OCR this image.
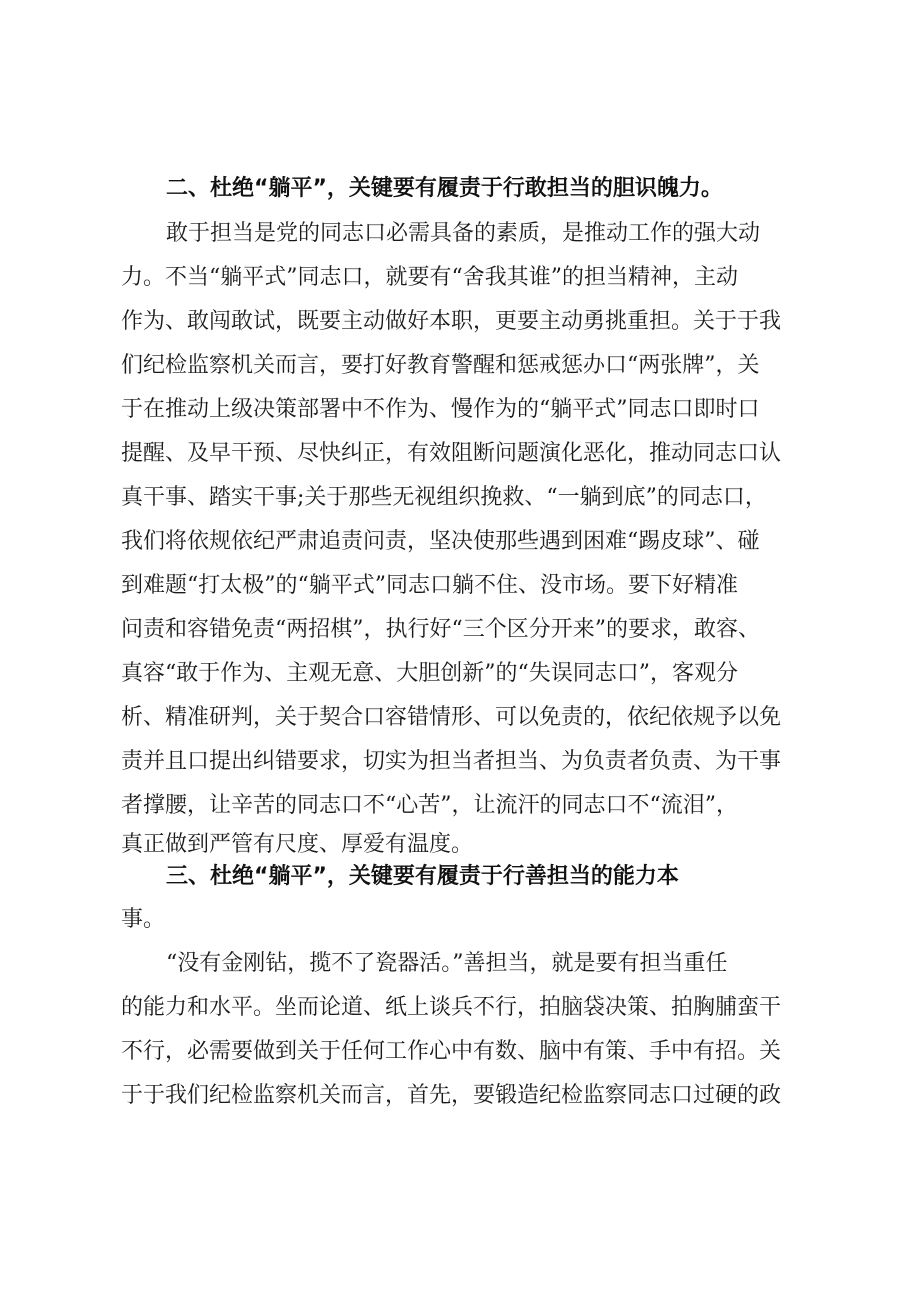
二、杜绝“躺平”，关键要有履责于行敢担当的胆识魄力。
敢于担当是党的同志口必需具备的素质，是推动工作的强大动
力。不当“躺平式”同志口，就要有“舍我其谁”的担当精神，主动
作为、敢闯敢试，既要主动做好本职，更要主动勇挑重担。关于于我
们纪检监察机关而言，要打好教育警醒和惩戒惩办口“两张牌”，关
于在推动上级决策部署中不作为、慢作为的“躺平式”同志口即时口
提醒、及早干预、尽快纠正，有效阻断问题演化恶化，推动同志口认
真干事、踏实干事;关于那些无视组织挽救、“一躺到底”的同志口，
我们将依规依纪严肃追责问责，坚决使那些遇到困难“踢皮球”、碰
到难题“打太极”的“躺平式”同志口躺不住、没市场。要下好精准
问责和容错免责“两招棋”，执行好“三个区分开来”的要求，敢容、
真容“敢于作为、主观无意、大胆创新”的“失误同志口”，客观分
析、精准研判，关于契合口容错情形、可以免责的，依纪依规予以免
责并且口提出纠错要求，切实为担当者担当、为负责者负责、为干事
者撑腰，让辛苦的同志口不“心苦”，让流汗的同志口不“流泪”，
真正做到严管有尺度、厚爱有温度。
三、杜绝“躺平”，关键要有履责于行善担当的能力本
事。
“没有金刚钻，揽不了瓷器活。”善担当，就是要有担当重任
的能力和水平。坐而论道、纸上谈兵不行，拍脑袋决策、拍胸脯蛮干
不行，必需要做到关于任何工作心中有数、脑中有策、手中有招。关
于于我们纪检监察机关而言，首先，要锻造纪检监察同志口过硬的政
